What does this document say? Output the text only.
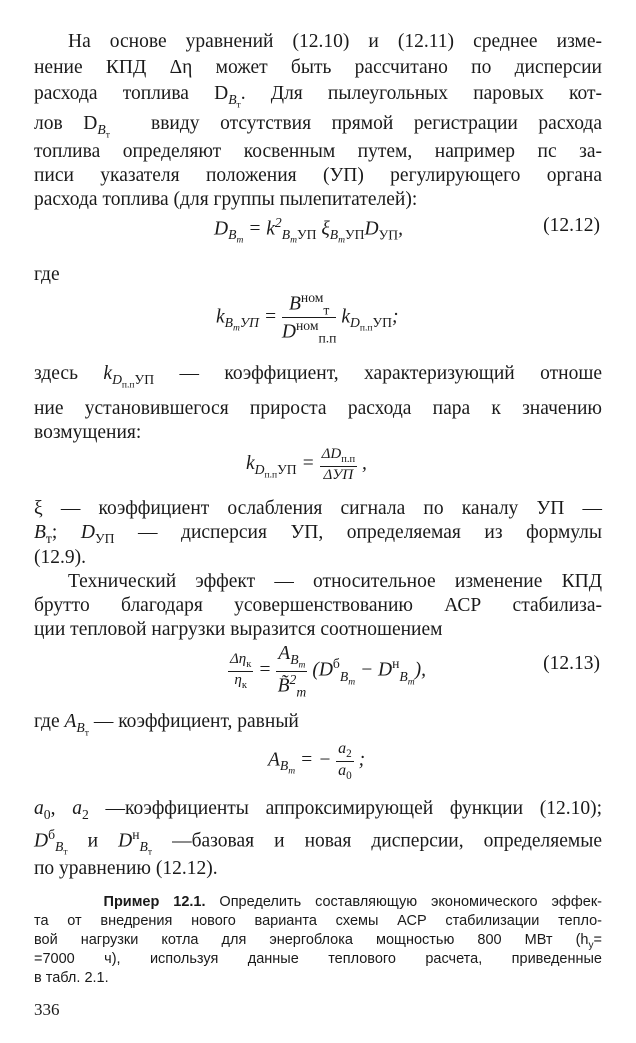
На основе уравнений (12.10) и (12.11) среднее изме-
нение КПД Δη может быть рассчитано по дисперсии
расхода топлива $D_{B_т}$. Для пылеугольных паровых кот-
лов $D_{B_т}$  ввиду отсутствия прямой регистрации расхода
топлива определяют косвенным путем, например пс за-
писи указателя положения (УП) регулирующего органа
расхода топлива (для группы пылепитателей):
$D_{B_т} = k^2_{B_тУП}$ $\xi_{B_тУП}D_{УП}$,	(12.12)
где
$k_{B_тУП} = \frac{B^{ном}_т}{D^{ном}_{п.п}} k_{D_{п.п}УП}$;
здесь $k_{D_{п.п}УП}$ — коэффициент, характеризующий отноше
ние установившегося прироста расхода пара к значению
возмущения:
$k_{D_{п.п}УП} = \frac{\Delta D_{п.п}}{\text{ΔУП}}$ ,
ξ — коэффициент ослабления сигнала по каналу УП —
$B_т$; $D_{УП}$ — дисперсия УП, определяемая из формулы
(12.9).
Технический эффект — относительное изменение КПД
брутто благодаря усовершенствованию АСР стабилиза-
ции тепловой нагрузки выразится соотношением
$\frac{\Delta\eta_к}{\eta_к} = \frac{A_{B_т}}{B̃^2_т} (D^б_{B_т} - D^н_{B_т})$,	(12.13)
где $A_{B_т}$ — коэффициент, равный
$A_{B_т}$ = − $\frac{a_2}{a_0}$ ;
$a_0$, $a_2$ —коэффициенты аппроксимирующей функции (12.10);
$D^б_{B_т}$ и $D^н_{B_т}$ —базовая и новая дисперсии, определяемые
по уравнению (12.12).
Пример 12.1. Определить составляющую экономического эффек-
та от внедрения нового варианта схемы АСР стабилизации тепло-
вой нагрузки котла для энергоблока мощностью 800 МВт ($h_у=$
=7000 ч), используя данные теплового расчета, приведенные
в табл. 2.1.
336
